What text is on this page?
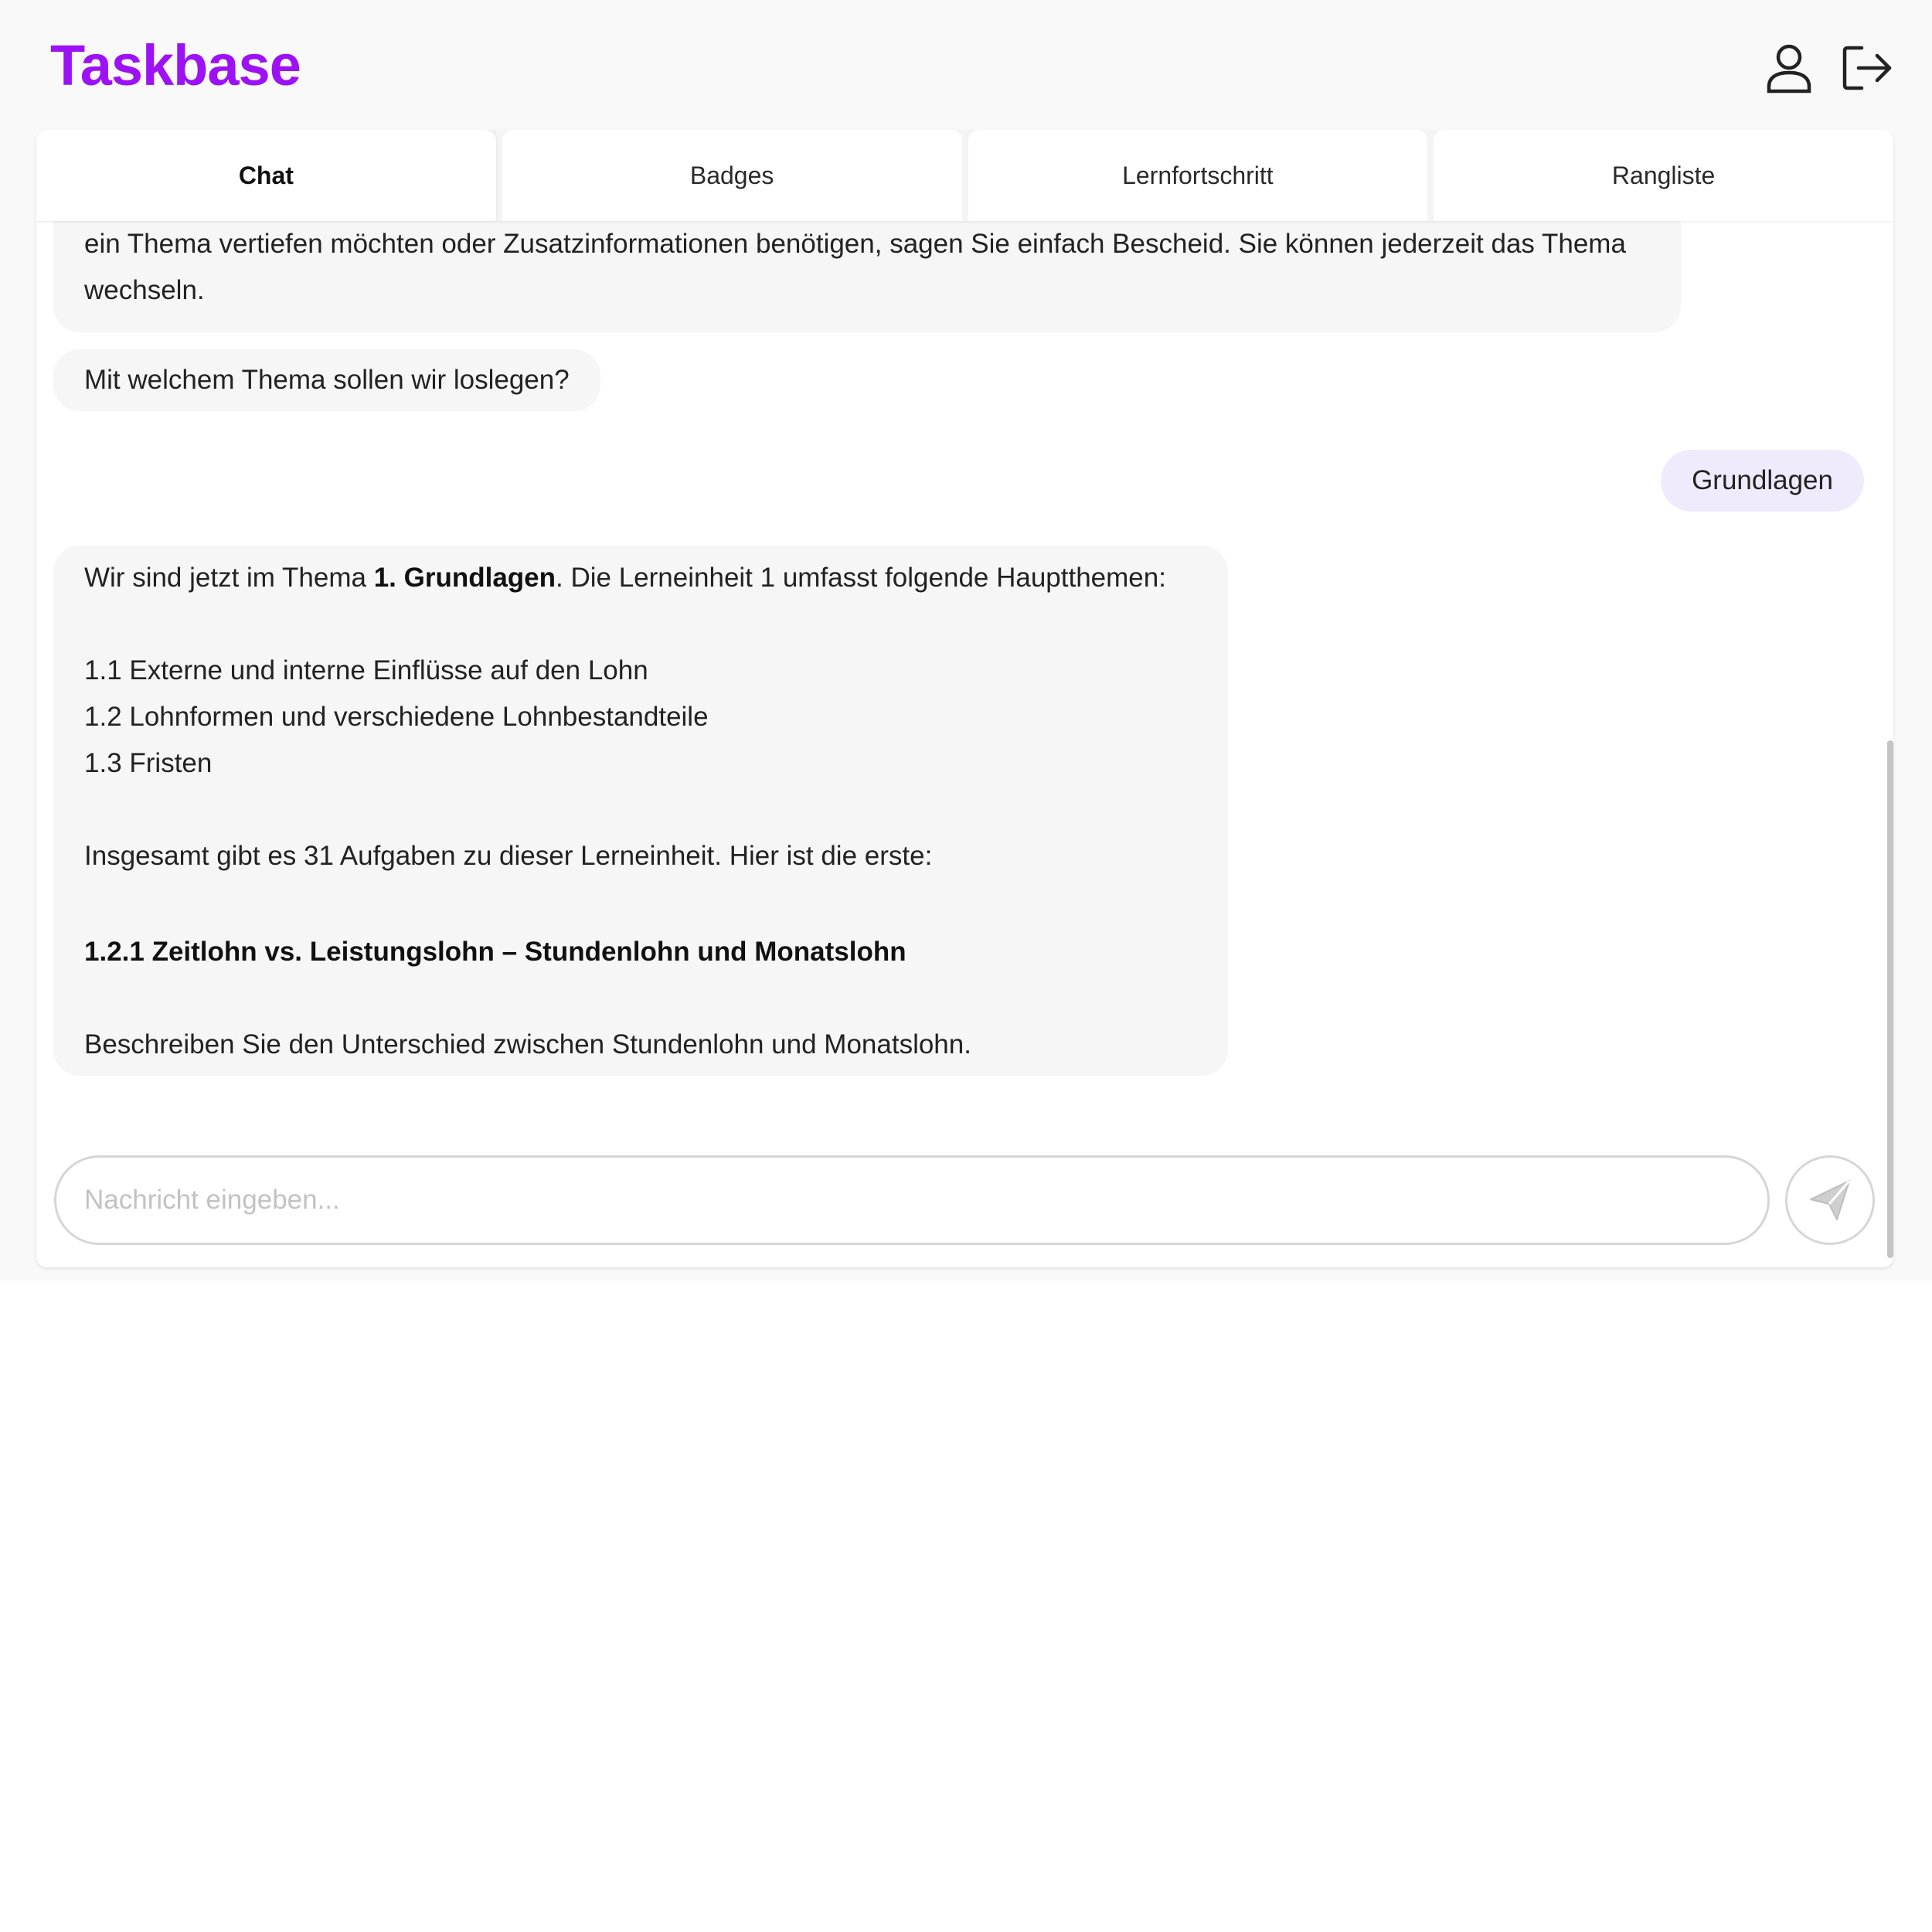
Taskbase
Chat	Badges	Lernfortschritt	Rangliste
ein Thema vertiefen möchten oder Zusatzinformationen benötigen, sagen Sie einfach Bescheid. Sie können jederzeit das Thema wechseln.
Mit welchem Thema sollen wir loslegen?
Grundlagen
Wir sind jetzt im Thema 1. Grundlagen. Die Lerneinheit 1 umfasst folgende Hauptthemen:
1.1 Externe und interne Einflüsse auf den Lohn
1.2 Lohnformen und verschiedene Lohnbestandteile
1.3 Fristen
Insgesamt gibt es 31 Aufgaben zu dieser Lerneinheit. Hier ist die erste:
1.2.1 Zeitlohn vs. Leistungslohn – Stundenlohn und Monatslohn
Beschreiben Sie den Unterschied zwischen Stundenlohn und Monatslohn.
Nachricht eingeben...
